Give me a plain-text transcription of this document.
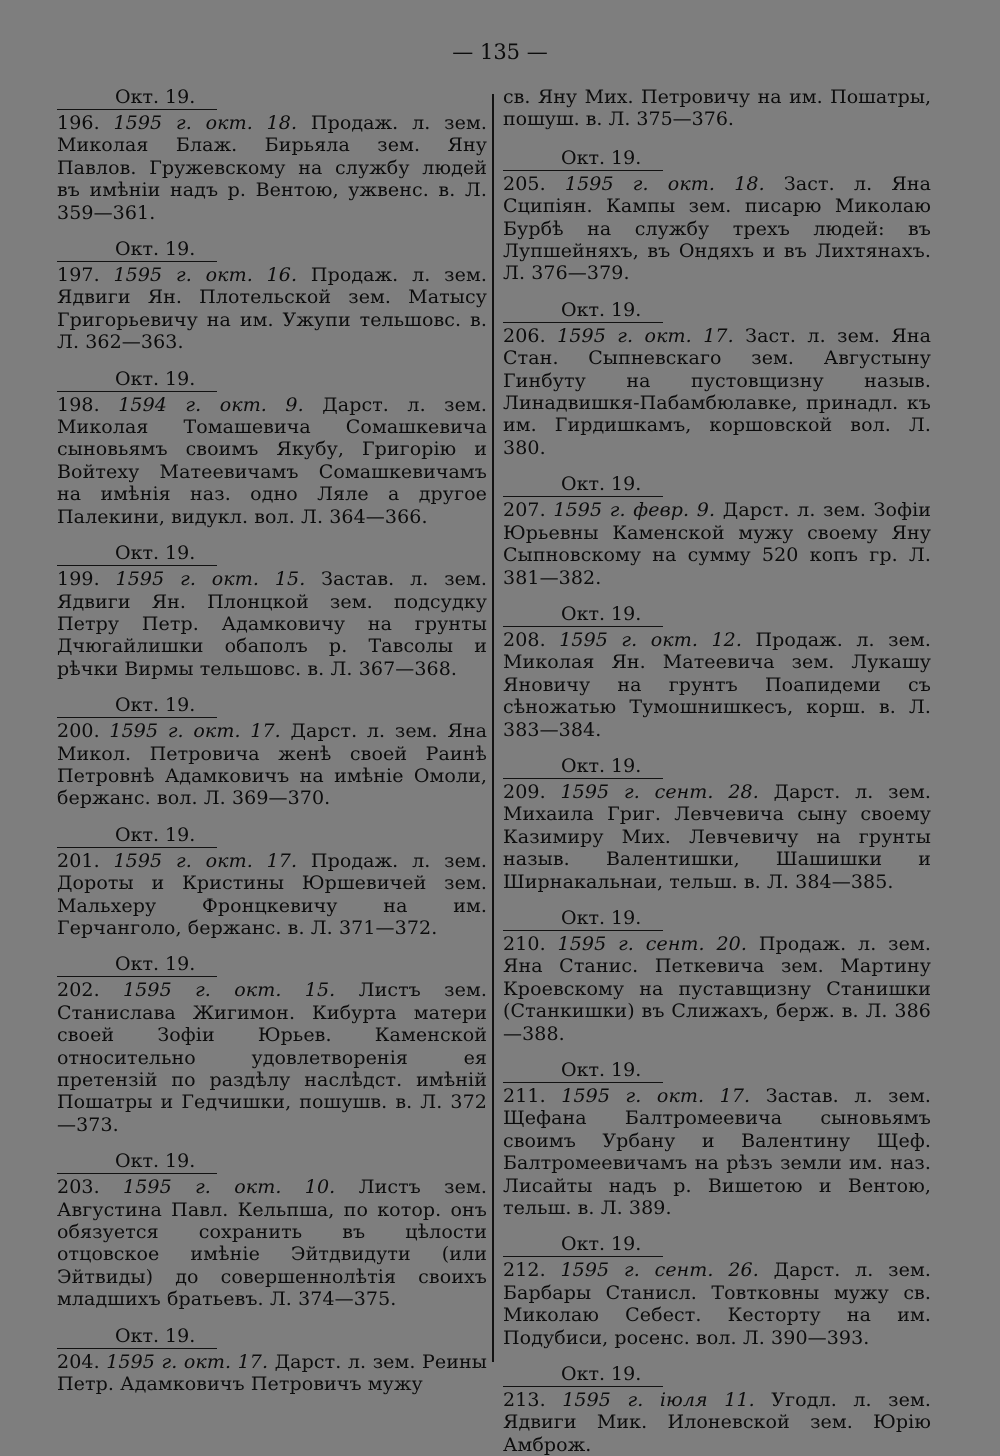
— 135 —
Окт. 19.
196. 1595 г. окт. 18. Продаж. л. зем. Миколая Блаж. Бирьяла зем. Яну Павлов. Гружевскому на службу людей въ имѣніи надъ р. Вентою, ужвенс. в. Л. 359—361.
Окт. 19.
197. 1595 г. окт. 16. Продаж. л. зем. Ядвиги Ян. Плотельской зем. Матысу Григорьевичу на им. Ужупи тельшовс. в. Л. 362—363.
Окт. 19.
198. 1594 г. окт. 9. Дарст. л. зем. Миколая Томашевича Сомашкевича сыновьямъ своимъ Якубу, Григорію и Войтеху Матеевичамъ Сомашкевичамъ на имѣнія наз. одно Ляле а другое Палекини, видукл. вол. Л. 364—366.
Окт. 19.
199. 1595 г. окт. 15. Застав. л. зем. Ядвиги Ян. Плонцкой зем. подсудку Петру Петр. Адамковичу на грунты Дчюгайлишки обаполъ р. Тавсолы и рѣчки Вирмы тельшовс. в. Л. 367—368.
Окт. 19.
200. 1595 г. окт. 17. Дарст. л. зем. Яна Микол. Петровича женѣ своей Раинѣ Петровнѣ Адамковичъ на имѣніе Омоли, бержанс. вол. Л. 369—370.
Окт. 19.
201. 1595 г. окт. 17. Продаж. л. зем. Дороты и Кристины Юршевичей зем. Мальхеру Фронцкевичу на им. Герчанголо, бержанс. в. Л. 371—372.
Окт. 19.
202. 1595 г. окт. 15. Листъ зем. Станислава Жигимон. Кибурта матери своей Зофіи Юрьев. Каменской относительно удовлетворенія ея претензій по раздѣлу наслѣдст. имѣній Пошатры и Гедчишки, пошушв. в. Л. 372—373.
Окт. 19.
203. 1595 г. окт. 10. Листъ зем. Августина Павл. Кельпша, по котор. онъ обязуется сохранить въ цѣлости отцовское имѣніе Эйтдвидути (или Эйтвиды) до совершеннолѣтія своихъ младшихъ братьевъ. Л. 374—375.
Окт. 19.
204. 1595 г. окт. 17. Дарст. л. зем. Реины Петр. Адамковичъ Петровичъ мужу
св. Яну Мих. Петровичу на им. Пошатры, пошуш. в. Л. 375—376.
Окт. 19.
205. 1595 г. окт. 18. Заст. л. Яна Сципіян. Кампы зем. писарю Миколаю Бурбѣ на службу трехъ людей: въ Лупшейняхъ, въ Ондяхъ и въ Лихтянахъ. Л. 376—379.
Окт. 19.
206. 1595 г. окт. 17. Заст. л. зем. Яна Стан. Сыпневскаго зем. Августыну Гинбуту на пустовщизну назыв. Линадвишкя-Пабамбюлавке, принадл. къ им. Гирдишкамъ, коршовской вол. Л. 380.
Окт. 19.
207. 1595 г. февр. 9. Дарст. л. зем. Зофіи Юрьевны Каменской мужу своему Яну Сыпновскому на сумму 520 копъ гр. Л. 381—382.
Окт. 19.
208. 1595 г. окт. 12. Продаж. л. зем. Миколая Ян. Матеевича зем. Лукашу Яновичу на грунтъ Поапидеми съ сѣножатью Тумошнишкесъ, корш. в. Л. 383—384.
Окт. 19.
209. 1595 г. сент. 28. Дарст. л. зем. Михаила Григ. Левчевича сыну своему Казимиру Мих. Левчевичу на грунты назыв. Валентишки, Шашишки и Ширнакальнаи, тельш. в. Л. 384—385.
Окт. 19.
210. 1595 г. сент. 20. Продаж. л. зем. Яна Станис. Петкевича зем. Мартину Кроевскому на пуставщизну Станишки (Станкишки) въ Слижахъ, берж. в. Л. 386—388.
Окт. 19.
211. 1595 г. окт. 17. Застав. л. зем. Щефана Балтромеевича сыновьямъ своимъ Урбану и Валентину Щеф. Балтромеевичамъ на рѣзъ земли им. наз. Лисайты надъ р. Вишетою и Вентою, тельш. в. Л. 389.
Окт. 19.
212. 1595 г. сент. 26. Дарст. л. зем. Барбары Станисл. Товтковны мужу св. Миколаю Себест. Кесторту на им. Подубиси, росенс. вол. Л. 390—393.
Окт. 19.
213. 1595 г. іюля 11. Угодл. л. зем. Ядвиги Мик. Илоневской зем. Юрію Амброж.
